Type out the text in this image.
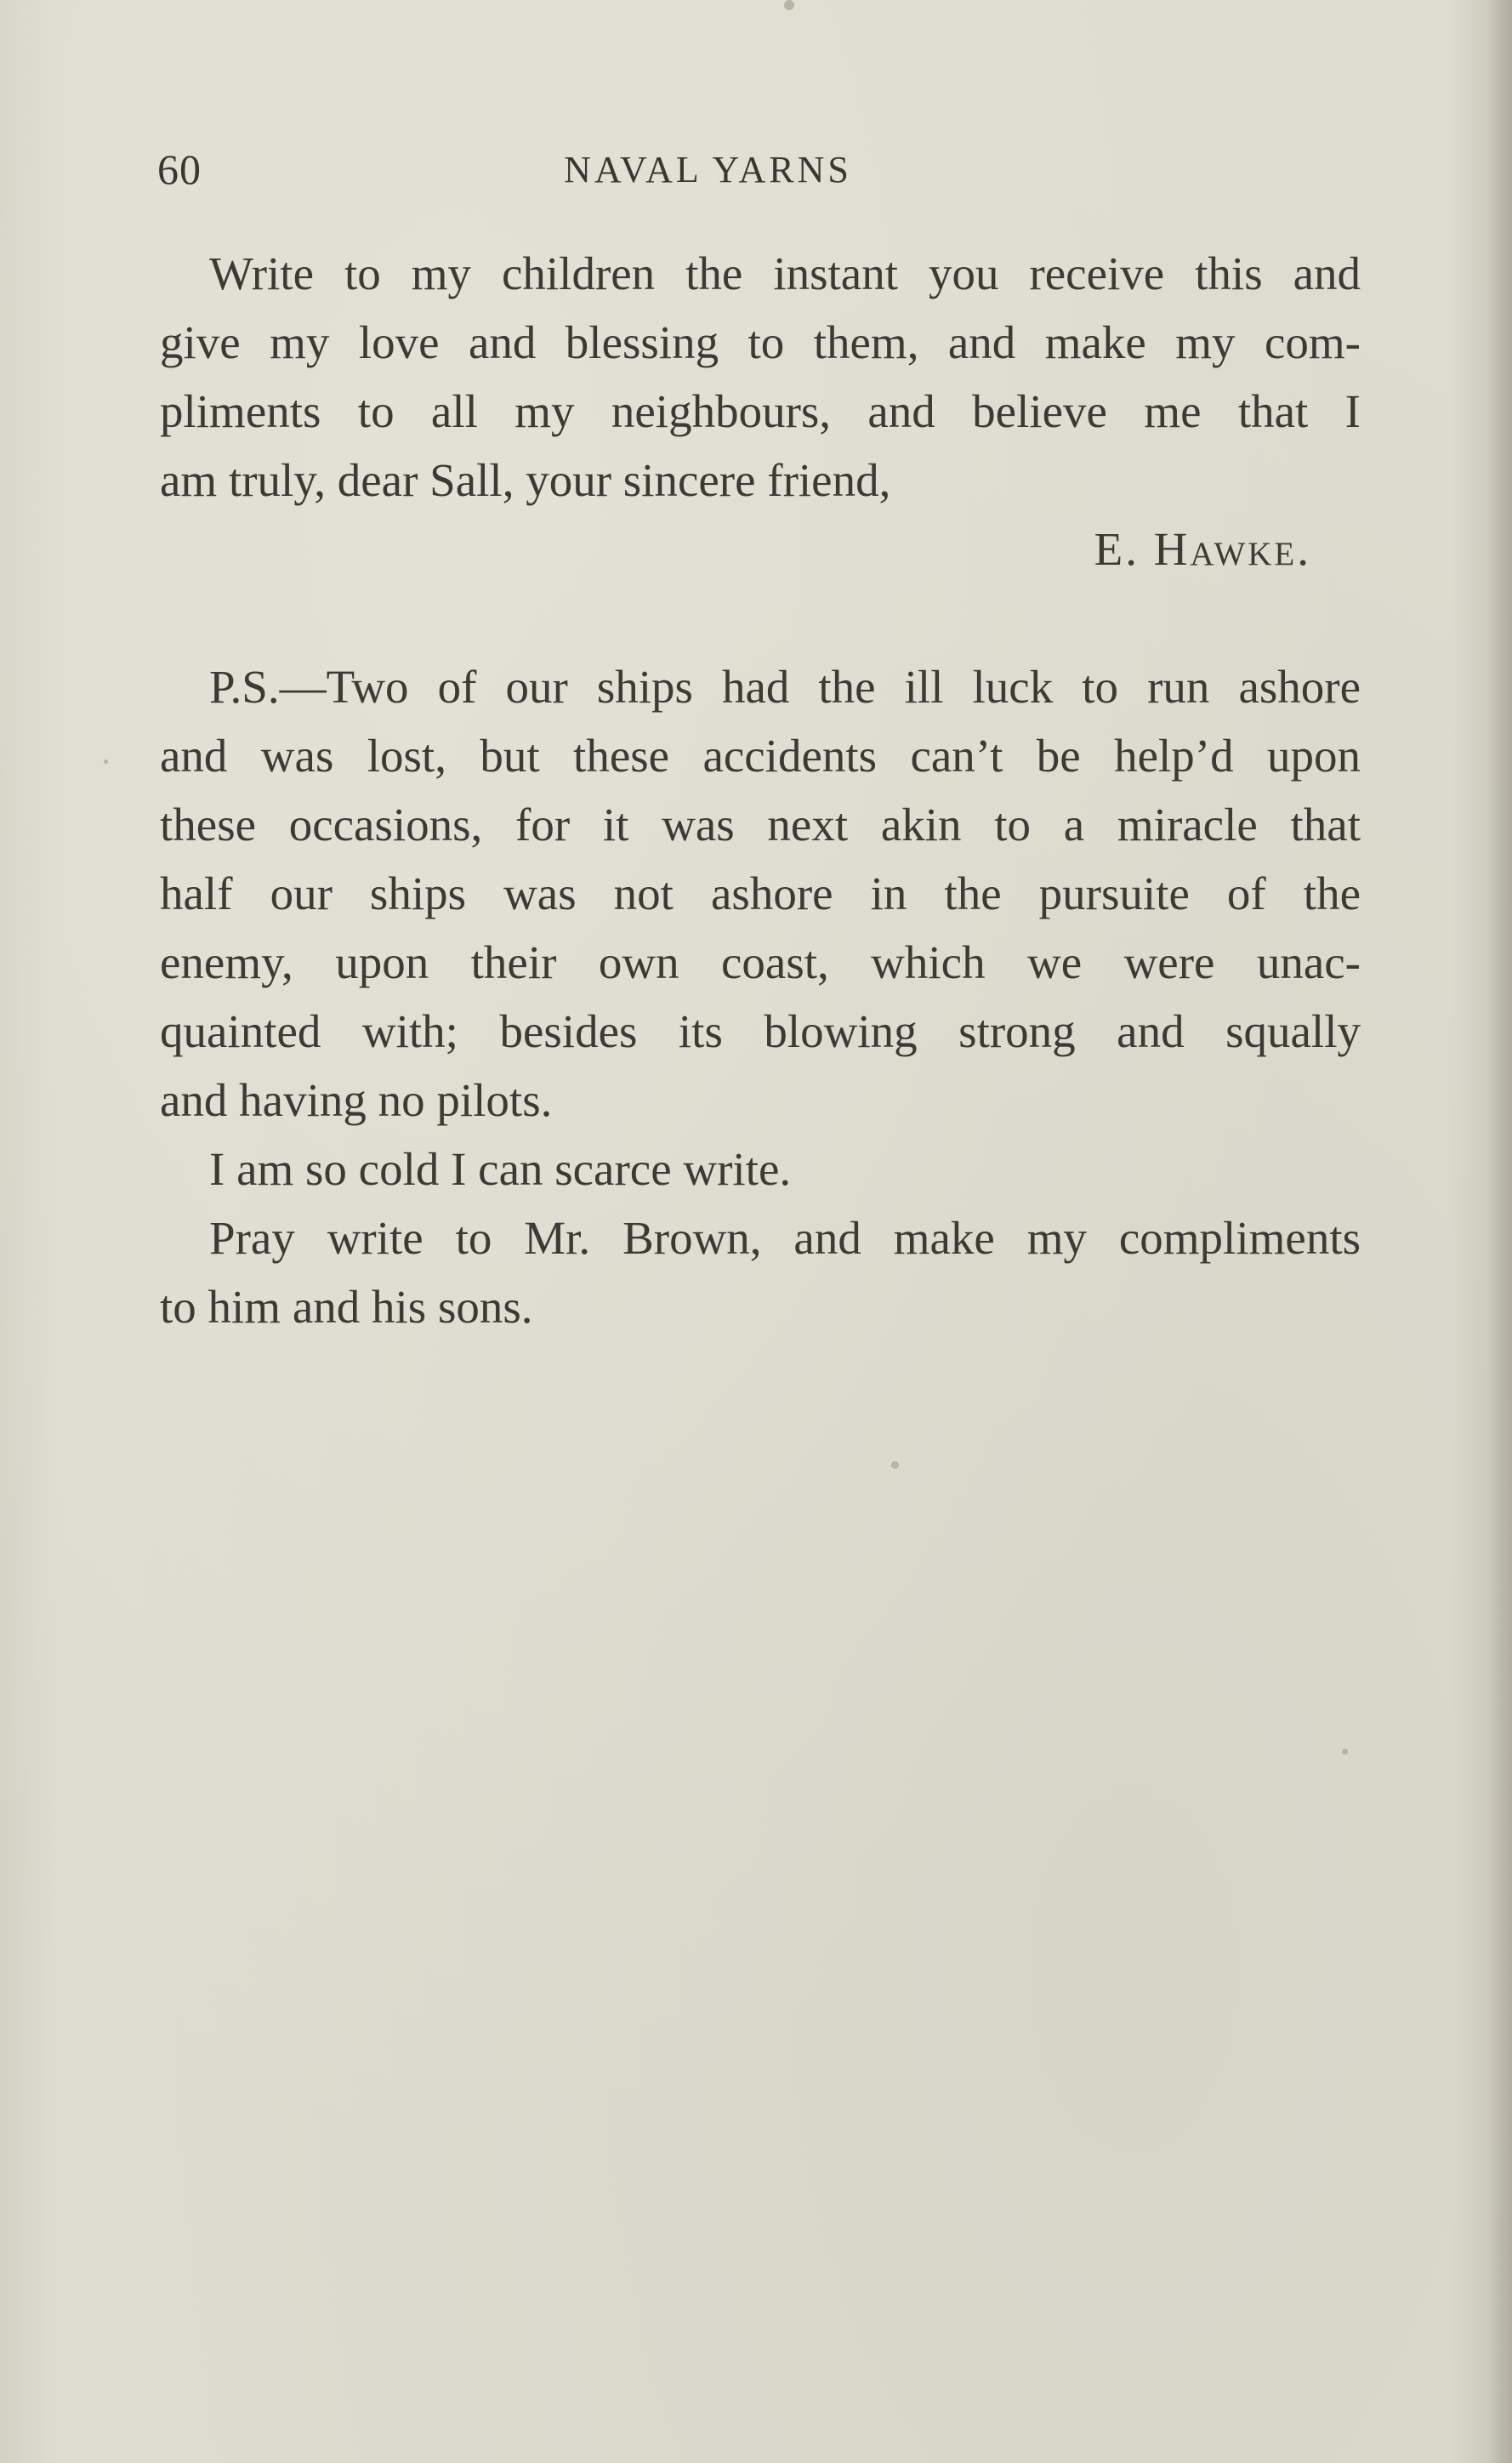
60	NAVAL YARNS
Write to my children the instant you receive this and
give my love and blessing to them, and make my com-
pliments to all my neighbours, and believe me that I
am truly, dear Sall, your sincere friend,
E. Hawke.
P.S.—Two of our ships had the ill luck to run ashore
and was lost, but these accidents can’t be help’d upon
these occasions, for it was next akin to a miracle that
half our ships was not ashore in the pursuite of the
enemy, upon their own coast, which we were unac-
quainted with; besides its blowing strong and squally
and having no pilots.
I am so cold I can scarce write.
Pray write to Mr. Brown, and make my compliments
to him and his sons.
